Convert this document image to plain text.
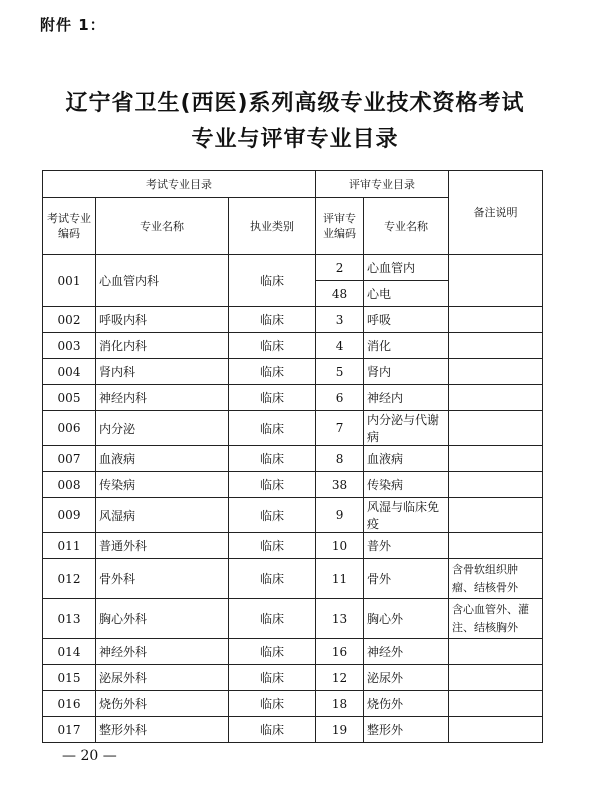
附件 1：
辽宁省卫生(西医)系列高级专业技术资格考试
专业与评审专业目录
考试专业目录			评审专业目录		备注说明
考试专业编码	专业名称	执业类别	评审专业编码	专业名称	
001	心血管内科	临床	2	心血管内	
			48	心电	
002	呼吸内科	临床	3	呼吸	
003	消化内科	临床	4	消化	
004	肾内科	临床	5	肾内	
005	神经内科	临床	6	神经内	
006	内分泌	临床	7	内分泌与代谢病	
007	血液病	临床	8	血液病	
008	传染病	临床	38	传染病	
009	风湿病	临床	9	风湿与临床免疫	
011	普通外科	临床	10	普外	
012	骨外科	临床	11	骨外	含骨软组织肿瘤、结核骨外
013	胸心外科	临床	13	胸心外	含心血管外、灌注、结核胸外
014	神经外科	临床	16	神经外	
015	泌尿外科	临床	12	泌尿外	
016	烧伤外科	临床	18	烧伤外	
017	整形外科	临床	19	整形外	
— 20 —
